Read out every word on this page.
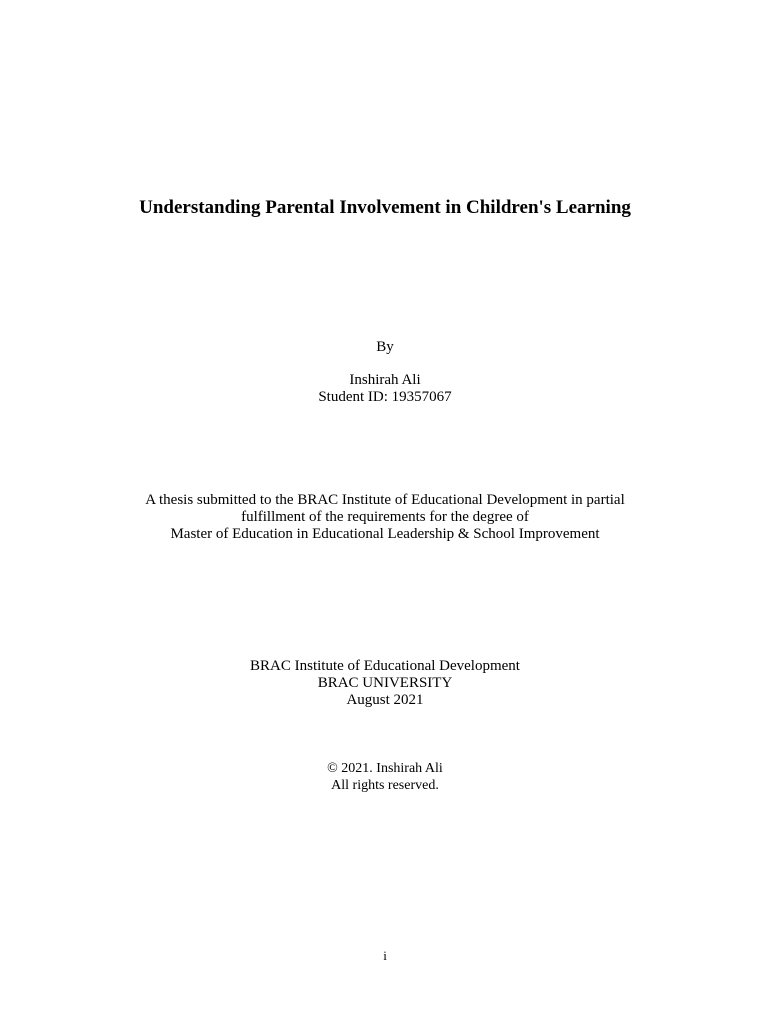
Understanding Parental Involvement in Children's Learning
By
Inshirah Ali
Student ID: 19357067
A thesis submitted to the BRAC Institute of Educational Development in partial
fulfillment of the requirements for the degree of
Master of Education in Educational Leadership & School Improvement
BRAC Institute of Educational Development
BRAC UNIVERSITY
August 2021
© 2021. Inshirah Ali
All rights reserved.
i
